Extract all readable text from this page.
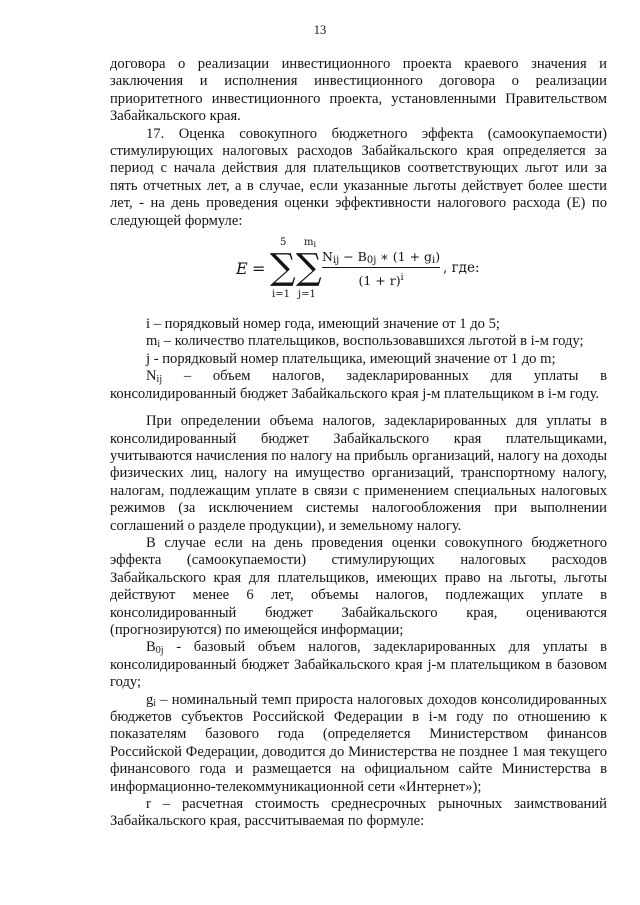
13

договора о реализации инвестиционного проекта краевого значения и заключения и исполнения инвестиционного договора о реализации приоритетного инвестиционного проекта, установленными Правительством Забайкальского края.

17. Оценка совокупного бюджетного эффекта (самоокупаемости) стимулирующих налоговых расходов Забайкальского края определяется за период с начала действия для плательщиков соответствующих льгот или за пять отчетных лет, а в случае, если указанные льготы действует более шести лет, - на день проведения оценки эффективности налогового расхода (E) по следующей формуле:

E =
5
∑
i=1
$m_i$
∑
j=1
$N_{ij} - B_{0j}$ ∗ $(1 + g_i)$
$(1 + r)^i$
, где:

i – порядковый номер года, имеющий значение от 1 до 5;

$m_i$ – количество плательщиков, воспользовавшихся льготой в i-м году;

j - порядковый номер плательщика, имеющий значение от 1 до m;

$N_{ij}$ – объем налогов, задекларированных для уплаты в консолидированный бюджет Забайкальского края j-м плательщиком в i-м году.

При определении объема налогов, задекларированных для уплаты в консолидированный бюджет Забайкальского края плательщиками, учитываются начисления по налогу на прибыль организаций, налогу на доходы физических лиц, налогу на имущество организаций, транспортному налогу, налогам, подлежащим уплате в связи с применением специальных налоговых режимов (за исключением системы налогообложения при выполнении соглашений о разделе продукции), и земельному налогу.

В случае если на день проведения оценки совокупного бюджетного эффекта (самоокупаемости) стимулирующих налоговых расходов Забайкальского края для плательщиков, имеющих право на льготы, льготы действуют менее 6 лет, объемы налогов, подлежащих уплате в консолидированный бюджет Забайкальского края, оцениваются (прогнозируются) по имеющейся информации;

$B_{0j}$ - базовый объем налогов, задекларированных для уплаты в консолидированный бюджет Забайкальского края j-м плательщиком в базовом году;

$g_i$ – номинальный темп прироста налоговых доходов консолидированных бюджетов субъектов Российской Федерации в i-м году по отношению к показателям базового года (определяется Министерством финансов Российской Федерации, доводится до Министерства не позднее 1 мая текущего финансового года и размещается на официальном сайте Министерства в информационно-телекоммуникационной сети «Интернет»);

r – расчетная стоимость среднесрочных рыночных заимствований Забайкальского края, рассчитываемая по формуле:
